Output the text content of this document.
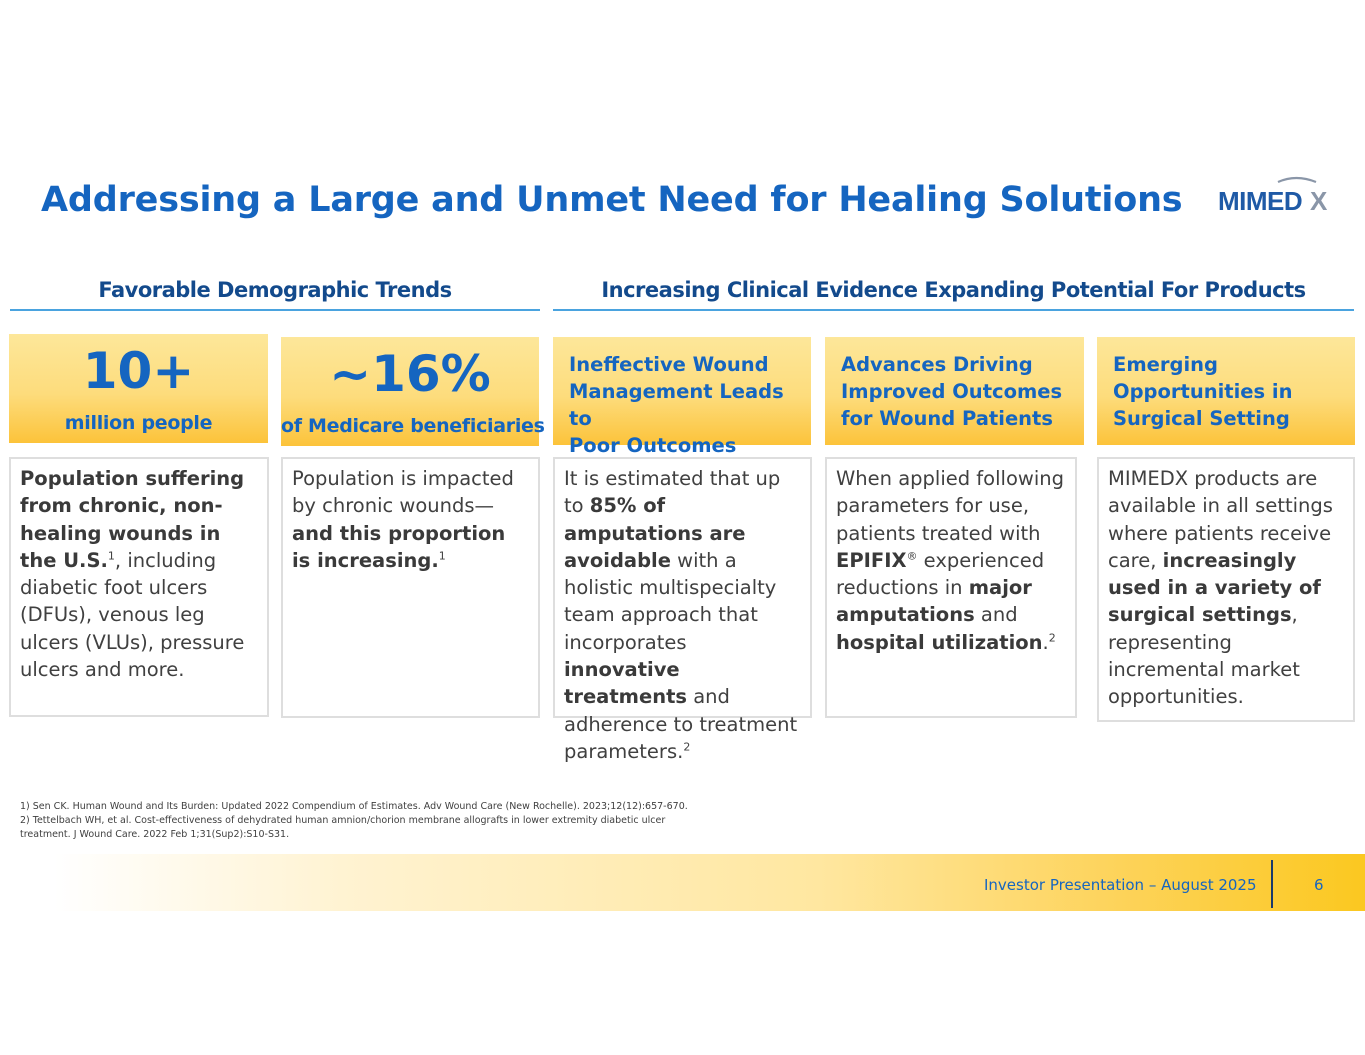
Addressing a Large and Unmet Need for Healing Solutions MIMED X
Favorable Demographic Trends	Increasing Clinical Evidence Expanding Potential For Products
10+
million people
~16%
of Medicare beneficiaries
Ineffective Wound
Management Leads to
Poor Outcomes
Advances Driving
Improved Outcomes
for Wound Patients
Emerging
Opportunities in
Surgical Setting
Population suffering from chronic, non-healing wounds in the U.S.$^1$, including diabetic foot ulcers (DFUs), venous leg ulcers (VLUs), pressure ulcers and more.
Population is impacted by chronic wounds—and this proportion is increasing.$^1$
It is estimated that up to 85% of amputations are avoidable with a holistic multispecialty team approach that incorporates innovative treatments and adherence to treatment parameters.$^2$
When applied following parameters for use, patients treated with EPIFIX® experienced reductions in major amputations and hospital utilization.$^2$
MIMEDX products are available in all settings where patients receive care, increasingly used in a variety of surgical settings, representing incremental market opportunities.
1) Sen CK. Human Wound and Its Burden: Updated 2022 Compendium of Estimates. Adv Wound Care (New Rochelle). 2023;12(12):657-670.
2) Tettelbach WH, et al. Cost-effectiveness of dehydrated human amnion/chorion membrane allografts in lower extremity diabetic ulcer
treatment. J Wound Care. 2022 Feb 1;31(Sup2):S10-S31.
Investor Presentation – August 2025	6
